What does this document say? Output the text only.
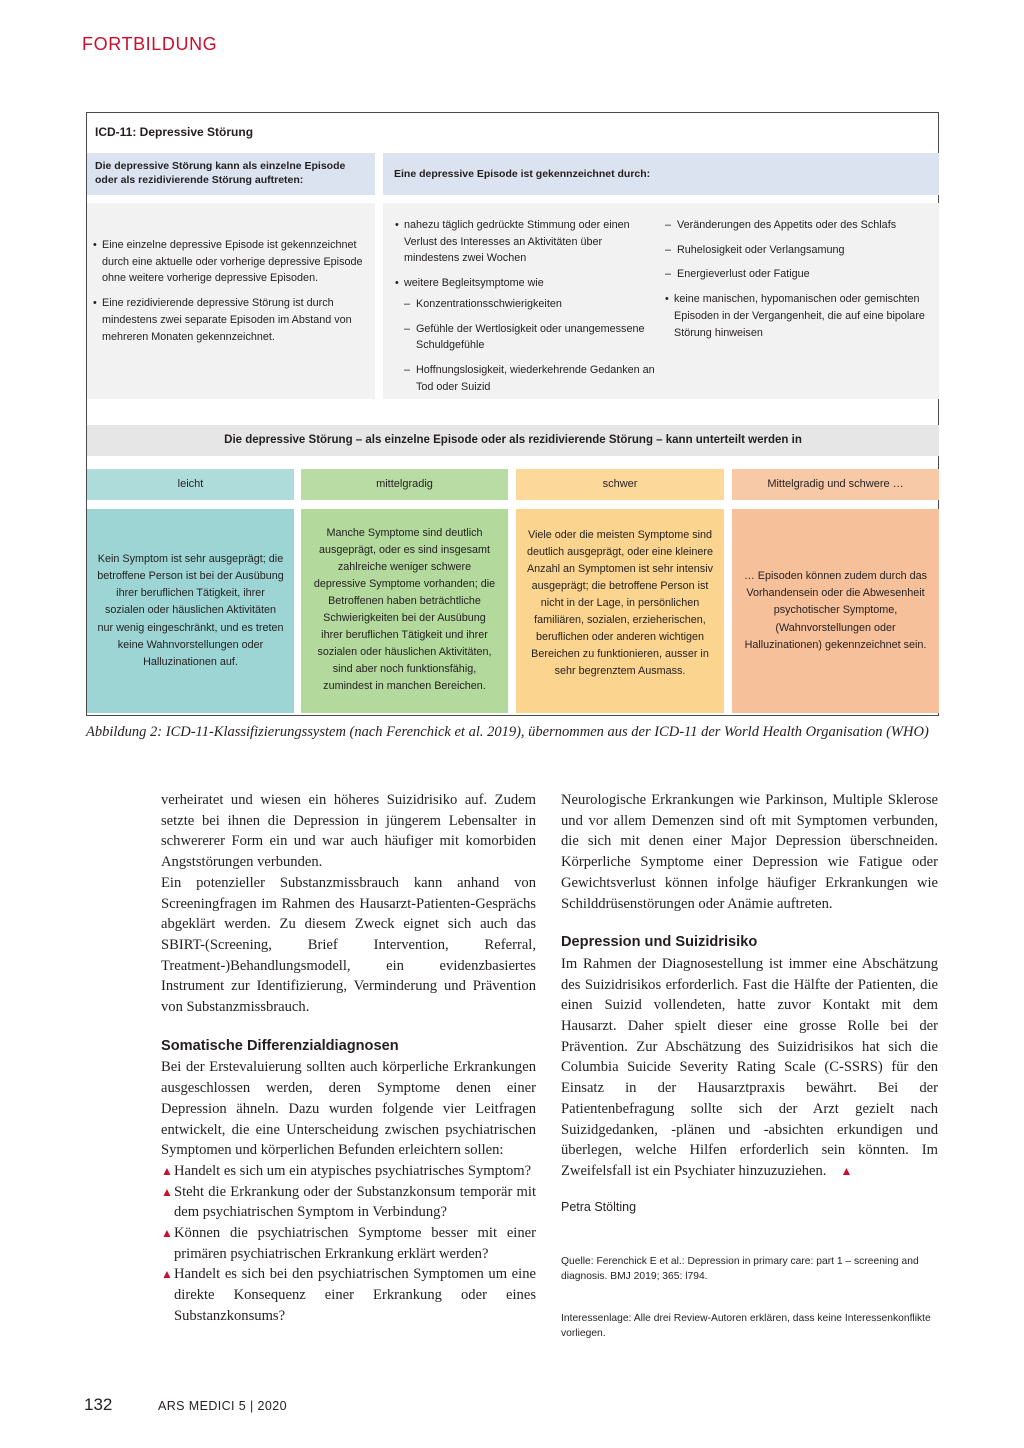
FORTBILDUNG
ICD-11: Depressive Störung
Die depressive Störung kann als einzelne Episode oder als rezidivierende Störung auftreten:
Eine depressive Episode ist gekennzeichnet durch:
• Eine einzelne depressive Episode ist gekennzeichnet durch eine aktuelle oder vorherige depressive Episode ohne weitere vorherige depressive Episoden.
• Eine rezidivierende depressive Störung ist durch mindestens zwei separate Episoden im Abstand von mehreren Monaten gekennzeichnet.
• nahezu täglich gedrückte Stimmung oder einen Verlust des Interesses an Aktivitäten über mindestens zwei Wochen
• weitere Begleitsymptome wie
– Konzentrationsschwierigkeiten
– Gefühle der Wertlosigkeit oder unangemessene Schuldgefühle
– Hoffnungslosigkeit, wiederkehrende Gedanken an Tod oder Suizid
– Veränderungen des Appetits oder des Schlafs
– Ruhelosigkeit oder Verlangsamung
– Energieverlust oder Fatigue
• keine manischen, hypomanischen oder gemischten Episoden in der Vergangenheit, die auf eine bipolare Störung hinweisen
Die depressive Störung – als einzelne Episode oder als rezidivierende Störung – kann unterteilt werden in
leicht	mittelgradig	schwer	Mittelgradig und schwere …
Kein Symptom ist sehr ausgeprägt; die betroffene Person ist bei der Ausübung ihrer beruflichen Tätigkeit, ihrer sozialen oder häuslichen Aktivitäten nur wenig eingeschränkt, und es treten keine Wahnvorstellungen oder Halluzinationen auf.
Manche Symptome sind deutlich ausgeprägt, oder es sind insgesamt zahlreiche weniger schwere depressive Symptome vorhanden; die Betroffenen haben beträchtliche Schwierigkeiten bei der Ausübung ihrer beruflichen Tätigkeit und ihrer sozialen oder häuslichen Aktivitäten, sind aber noch funktionsfähig, zumindest in manchen Bereichen.
Viele oder die meisten Symptome sind deutlich ausgeprägt, oder eine kleinere Anzahl an Symptomen ist sehr intensiv ausgeprägt; die betroffene Person ist nicht in der Lage, in persönlichen familiären, sozialen, erzieherischen, beruflichen oder anderen wichtigen Bereichen zu funktionieren, ausser in sehr begrenztem Ausmass.
… Episoden können zudem durch das Vorhandensein oder die Abwesenheit psychotischer Symptome, (Wahnvorstellungen oder Halluzinationen) gekennzeichnet sein.
Abbildung 2: ICD-11-Klassifizierungssystem (nach Ferenchick et al. 2019), übernommen aus der ICD-11 der World Health Organisation (WHO)

verheiratet und wiesen ein höheres Suizidrisiko auf. Zudem setzte bei ihnen die Depression in jüngerem Lebensalter in schwererer Form ein und war auch häufiger mit komorbiden Angststörungen verbunden.

Ein potenzieller Substanzmissbrauch kann anhand von Screeningfragen im Rahmen des Hausarzt-Patienten-Gesprächs abgeklärt werden. Zu diesem Zweck eignet sich auch das SBIRT-(Screening, Brief Intervention, Referral, Treatment-)Behandlungsmodell, ein evidenzbasiertes Instrument zur Identifizierung, Verminderung und Prävention von Substanzmissbrauch.

Somatische Differenzialdiagnosen

Bei der Erstevaluierung sollten auch körperliche Erkrankungen ausgeschlossen werden, deren Symptome denen einer Depression ähneln. Dazu wurden folgende vier Leitfragen entwickelt, die eine Unterscheidung zwischen psychiatrischen Symptomen und körperlichen Befunden erleichtern sollen:

▲ Handelt es sich um ein atypisches psychiatrisches Symptom?
▲ Steht die Erkrankung oder der Substanzkonsum temporär mit dem psychiatrischen Symptom in Verbindung?
▲ Können die psychiatrischen Symptome besser mit einer primären psychiatrischen Erkrankung erklärt werden?
▲ Handelt es sich bei den psychiatrischen Symptomen um eine direkte Konsequenz einer Erkrankung oder eines Substanzkonsums?

Neurologische Erkrankungen wie Parkinson, Multiple Sklerose und vor allem Demenzen sind oft mit Symptomen verbunden, die sich mit denen einer Major Depression überschneiden. Körperliche Symptome einer Depression wie Fatigue oder Gewichtsverlust können infolge häufiger Erkrankungen wie Schilddrüsenstörungen oder Anämie auftreten.

Depression und Suizidrisiko

Im Rahmen der Diagnosestellung ist immer eine Abschätzung des Suizidrisikos erforderlich. Fast die Hälfte der Patienten, die einen Suizid vollendeten, hatte zuvor Kontakt mit dem Hausarzt. Daher spielt dieser eine grosse Rolle bei der Prävention. Zur Abschätzung des Suizidrisikos hat sich die Columbia Suicide Severity Rating Scale (C-SSRS) für den Einsatz in der Hausarztpraxis bewährt. Bei der Patientenbefragung sollte sich der Arzt gezielt nach Suizidgedanken, -plänen und -absichten erkundigen und überlegen, welche Hilfen erforderlich sein könnten. Im Zweifelsfall ist ein Psychiater hinzuzuziehen. ▲

Petra Stölting
Quelle: Ferenchick E et al.: Depression in primary care: part 1 – screening and diagnosis. BMJ 2019; 365: l794.
Interessenlage: Alle drei Review-Autoren erklären, dass keine Interessenkonflikte vorliegen.
132	ARS MEDICI 5 | 2020
